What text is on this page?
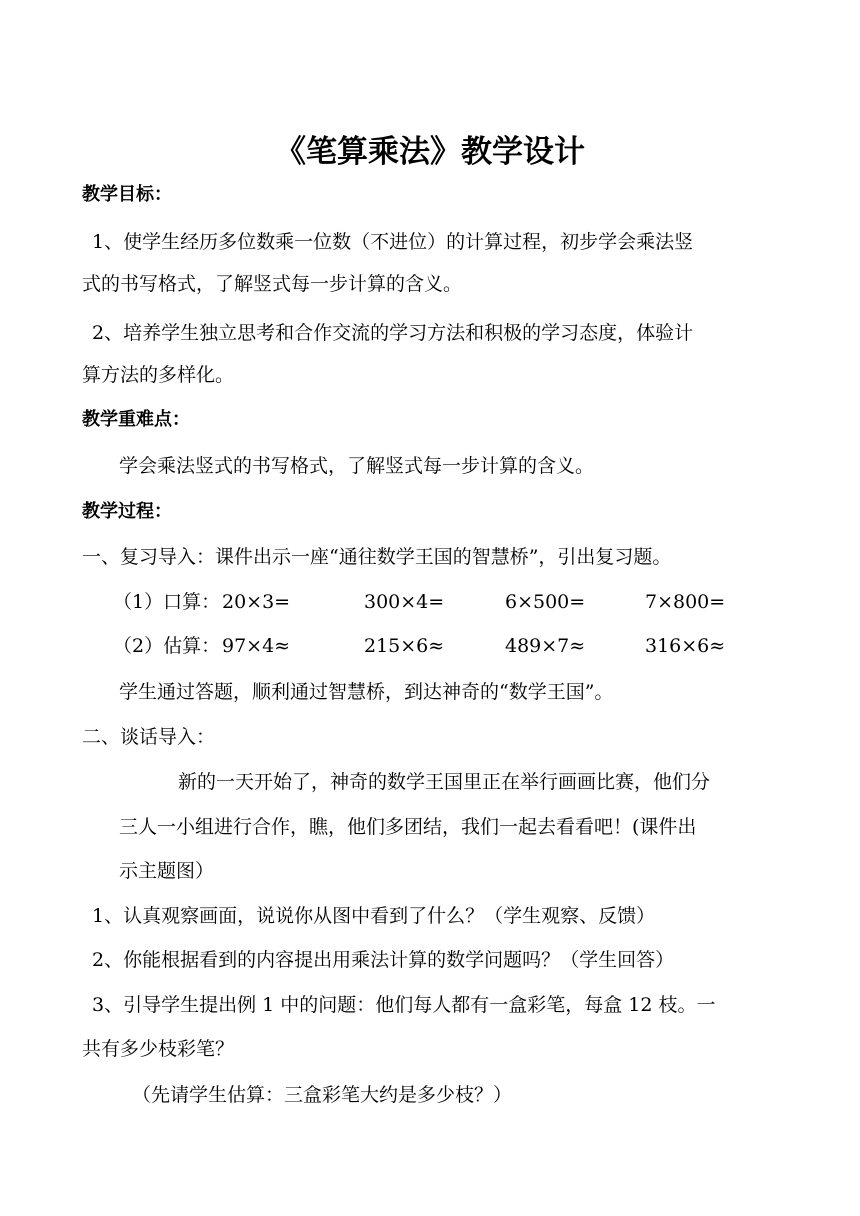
《笔算乘法》教学设计
教学目标：
1、使学生经历多位数乘一位数（不进位）的计算过程，初步学会乘法竖
式的书写格式，了解竖式每一步计算的含义。
2、培养学生独立思考和合作交流的学习方法和积极的学习态度，体验计
算方法的多样化。
教学重难点：
学会乘法竖式的书写格式，了解竖式每一步计算的含义。
教学过程：
一、复习导入：课件出示一座“通往数学王国的智慧桥”，引出复习题。
（1）口算： 20×3=	300×4=	6×500=	7×800=
（2）估算： 97×4≈	215×6≈	489×7≈	316×6≈
学生通过答题，顺利通过智慧桥，到达神奇的“数学王国”。
二、谈话导入：
新的一天开始了，神奇的数学王国里正在举行画画比赛，他们分
三人一小组进行合作，瞧，他们多团结，我们一起去看看吧！(课件出
示主题图）
1、认真观察画面，说说你从图中看到了什么？（学生观察、反馈）
2、你能根据看到的内容提出用乘法计算的数学问题吗？（学生回答）
3、引导学生提出例 1 中的问题：他们每人都有一盒彩笔，每盒 12 枝。一
共有多少枝彩笔？
（先请学生估算：三盒彩笔大约是多少枝？）
